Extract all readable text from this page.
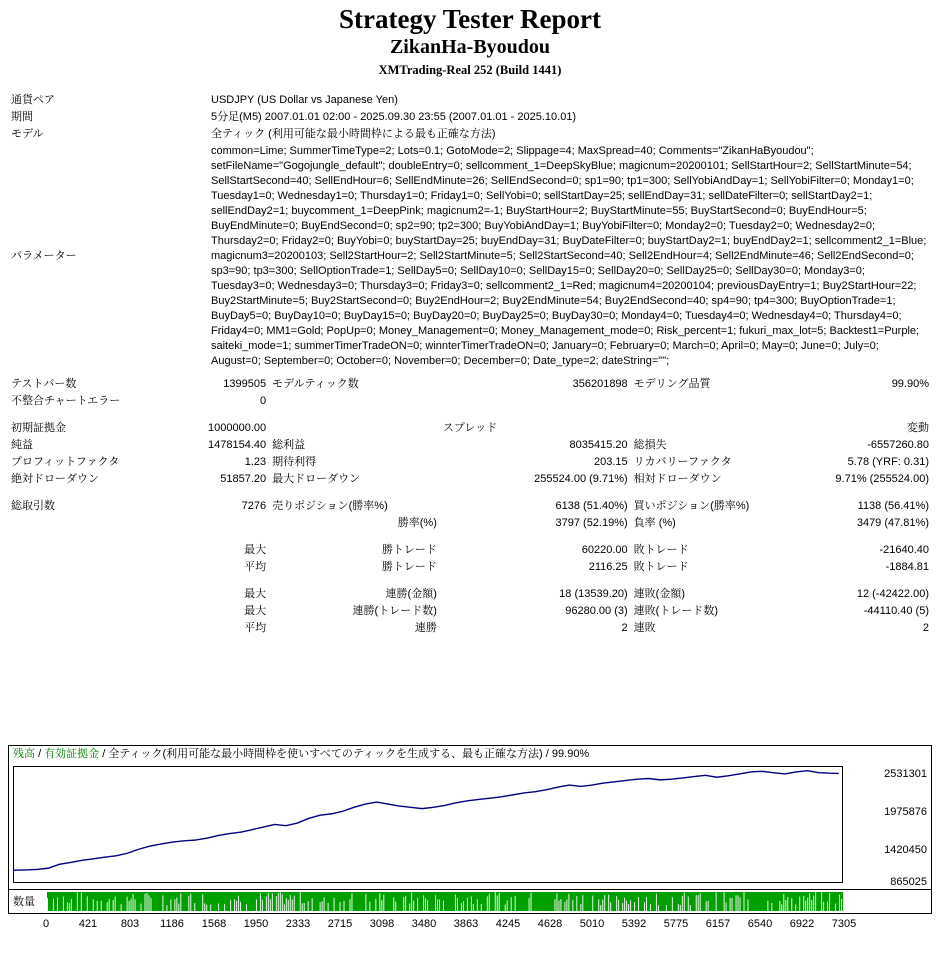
Strategy Tester Report
ZikanHa-Byoudou
XMTrading-Real 252 (Build 1441)
通貨ペア	USDJPY (US Dollar vs Japanese Yen)
期間	5分足(M5) 2007.01.01 02:00 - 2025.09.30 23:55 (2007.01.01 - 2025.10.01)
モデル	全ティック (利用可能な最小時間枠による最も正確な方法)
パラメーター	common=Lime; SummerTimeType=2; Lots=0.1; GotoMode=2; Slippage=4; MaxSpread=40; Comments="ZikanHaByoudou"; setFileName="Gogojungle_default"; doubleEntry=0; sellcomment_1=DeepSkyBlue; magicnum=20200101; SellStartHour=2; SellStartMinute=54; SellStartSecond=40; SellEndHour=6; SellEndMinute=26; SellEndSecond=0; sp1=90; tp1=300; SellYobiAndDay=1; SellYobiFilter=0; Monday1=0; Tuesday1=0; Wednesday1=0; Thursday1=0; Friday1=0; SellYobi=0; sellStartDay=25; sellEndDay=31; sellDateFilter=0; sellStartDay2=1; sellEndDay2=1; buycomment_1=DeepPink; magicnum2=-1; BuyStartHour=2; BuyStartMinute=55; BuyStartSecond=0; BuyEndHour=5; BuyEndMinute=0; BuyEndSecond=0; sp2=90; tp2=300; BuyYobiAndDay=1; BuyYobiFilter=0; Monday2=0; Tuesday2=0; Wednesday2=0; Thursday2=0; Friday2=0; BuyYobi=0; buyStartDay=25; buyEndDay=31; BuyDateFilter=0; buyStartDay2=1; buyEndDay2=1; sellcomment2_1=Blue; magicnum3=20200103; Sell2StartHour=2; Sell2StartMinute=5; Sell2StartSecond=40; Sell2EndHour=4; Sell2EndMinute=46; Sell2EndSecond=0; sp3=90; tp3=300; SellOptionTrade=1; SellDay5=0; SellDay10=0; SellDay15=0; SellDay20=0; SellDay25=0; SellDay30=0; Monday3=0; Tuesday3=0; Wednesday3=0; Thursday3=0; Friday3=0; sellcomment2_1=Red; magicnum4=20200104; previousDayEntry=1; Buy2StartHour=22; Buy2StartMinute=5; Buy2StartSecond=0; Buy2EndHour=2; Buy2EndMinute=54; Buy2EndSecond=40; sp4=90; tp4=300; BuyOptionTrade=1; BuyDay5=0; BuyDay10=0; BuyDay15=0; BuyDay20=0; BuyDay25=0; BuyDay30=0; Monday4=0; Tuesday4=0; Wednesday4=0; Thursday4=0; Friday4=0; MM1=Gold; PopUp=0; Money_Management=0; Money_Management_mode=0; Risk_percent=1; fukuri_max_lot=5; Backtest1=Purple; saiteki_mode=1; summerTimerTradeON=0; winnterTimerTradeON=0; January=0; February=0; March=0; April=0; May=0; June=0; July=0; August=0; September=0; October=0; November=0; December=0; Date_type=2; dateString="";
テストバー数	1399505	モデルティック数	356201898	モデリング品質	99.90%
不整合チャートエラー	0				

初期証拠金	1000000.00		スプレッド		変動
純益	1478154.40	総利益	8035415.20	総損失	-6557260.80
プロフィットファクタ	1.23	期待利得	203.15	リカバリーファクタ	5.78 (YRF: 0.31)
絶対ドローダウン	51857.20	最大ドローダウン	255524.00 (9.71%)	相対ドローダウン	9.71% (255524.00)

総取引数	7276	売りポジション(勝率%)	6138 (51.40%)	買いポジション(勝率%)	1138 (56.41%)
		勝率(%)	3797 (52.19%)	負率 (%)	3479 (47.81%)

	最大	勝トレード	60220.00	敗トレード	-21640.40
	平均	勝トレード	2116.25	敗トレード	-1884.81

	最大	連勝(金額)	18 (13539.20)	連敗(金額)	12 (-42422.00)
	最大	連勝(トレード数)	96280.00 (3)	連敗(トレード数)	-44110.40 (5)
	平均	連勝	2	連敗	2
残高 / 有効証拠金 / 全ティック(利用可能な最小時間枠を使いすべてのティックを生成する、最も正確な方法) / 99.90%
2531301
1975876
1420450
865025
数量
0	421 803 1186 1568 1950 2333 2715 3098 3480 3863 4245 4628 5010 5392 5775 6157 6540 6922 7305
